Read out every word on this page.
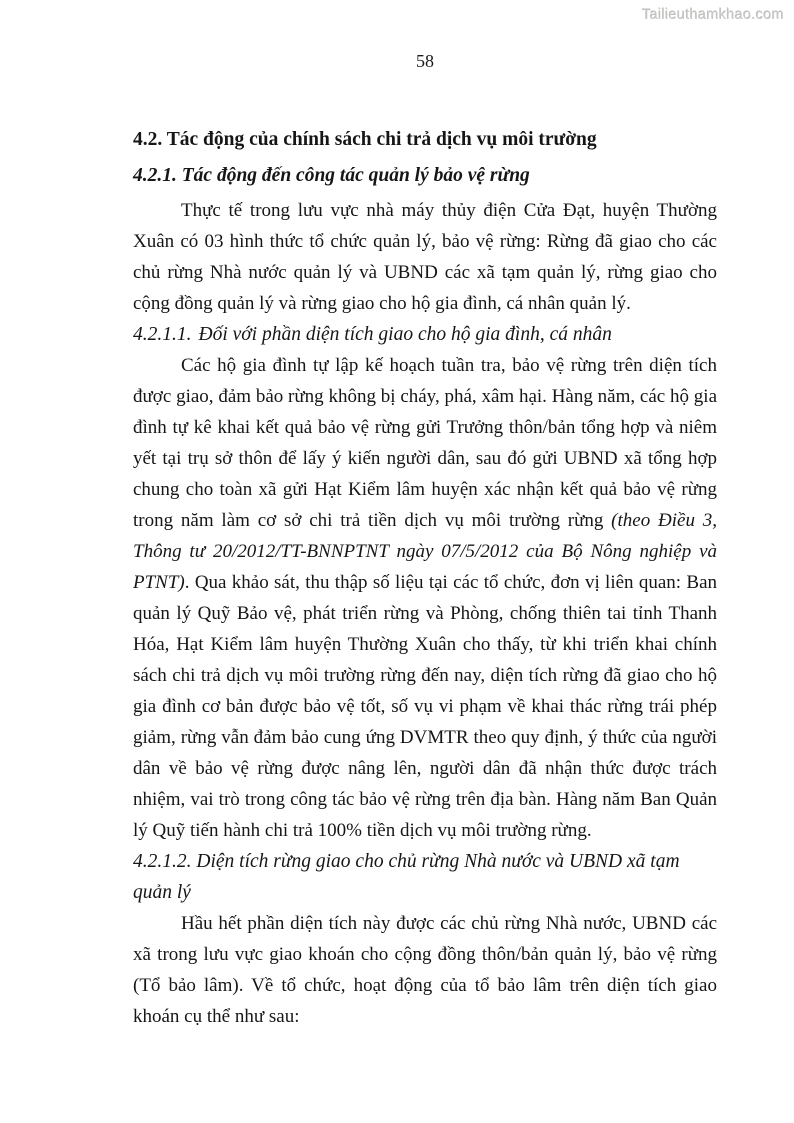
Tailieuthamkhao.com
58
4.2. Tác động của chính sách chi trả dịch vụ môi trường
4.2.1. Tác động đến công tác quản lý bảo vệ rừng

Thực tế trong lưu vực nhà máy thủy điện Cửa Đạt, huyện Thường Xuân có 03 hình thức tổ chức quản lý, bảo vệ rừng: Rừng đã giao cho các chủ rừng Nhà nước quản lý và UBND các xã tạm quản lý, rừng giao cho cộng đồng quản lý và rừng giao cho hộ gia đình, cá nhân quản lý.

4.2.1.1. Đối với phần diện tích giao cho hộ gia đình, cá nhân

Các hộ gia đình tự lập kế hoạch tuần tra, bảo vệ rừng trên diện tích được giao, đảm bảo rừng không bị cháy, phá, xâm hại. Hàng năm, các hộ gia đình tự kê khai kết quả bảo vệ rừng gửi Trưởng thôn/bản tổng hợp và niêm yết tại trụ sở thôn để lấy ý kiến người dân, sau đó gửi UBND xã tổng hợp chung cho toàn xã gửi Hạt Kiểm lâm huyện xác nhận kết quả bảo vệ rừng trong năm làm cơ sở chi trả tiền dịch vụ môi trường rừng (theo Điều 3, Thông tư 20/2012/TT-BNNPTNT ngày 07/5/2012 của Bộ Nông nghiệp và PTNT). Qua khảo sát, thu thập số liệu tại các tổ chức, đơn vị liên quan: Ban quản lý Quỹ Bảo vệ, phát triển rừng và Phòng, chống thiên tai tỉnh Thanh Hóa, Hạt Kiểm lâm huyện Thường Xuân cho thấy, từ khi triển khai chính sách chi trả dịch vụ môi trường rừng đến nay, diện tích rừng đã giao cho hộ gia đình cơ bản được bảo vệ tốt, số vụ vi phạm về khai thác rừng trái phép giảm, rừng vẫn đảm bảo cung ứng DVMTR theo quy định, ý thức của người dân về bảo vệ rừng được nâng lên, người dân đã nhận thức được trách nhiệm, vai trò trong công tác bảo vệ rừng trên địa bàn. Hàng năm Ban Quản lý Quỹ tiến hành chi trả 100% tiền dịch vụ môi trường rừng.

4.2.1.2. Diện tích rừng giao cho chủ rừng Nhà nước và UBND xã tạm quản lý

Hầu hết phần diện tích này được các chủ rừng Nhà nước, UBND các xã trong lưu vực giao khoán cho cộng đồng thôn/bản quản lý, bảo vệ rừng (Tổ bảo lâm). Về tổ chức, hoạt động của tổ bảo lâm trên diện tích giao khoán cụ thể như sau:
